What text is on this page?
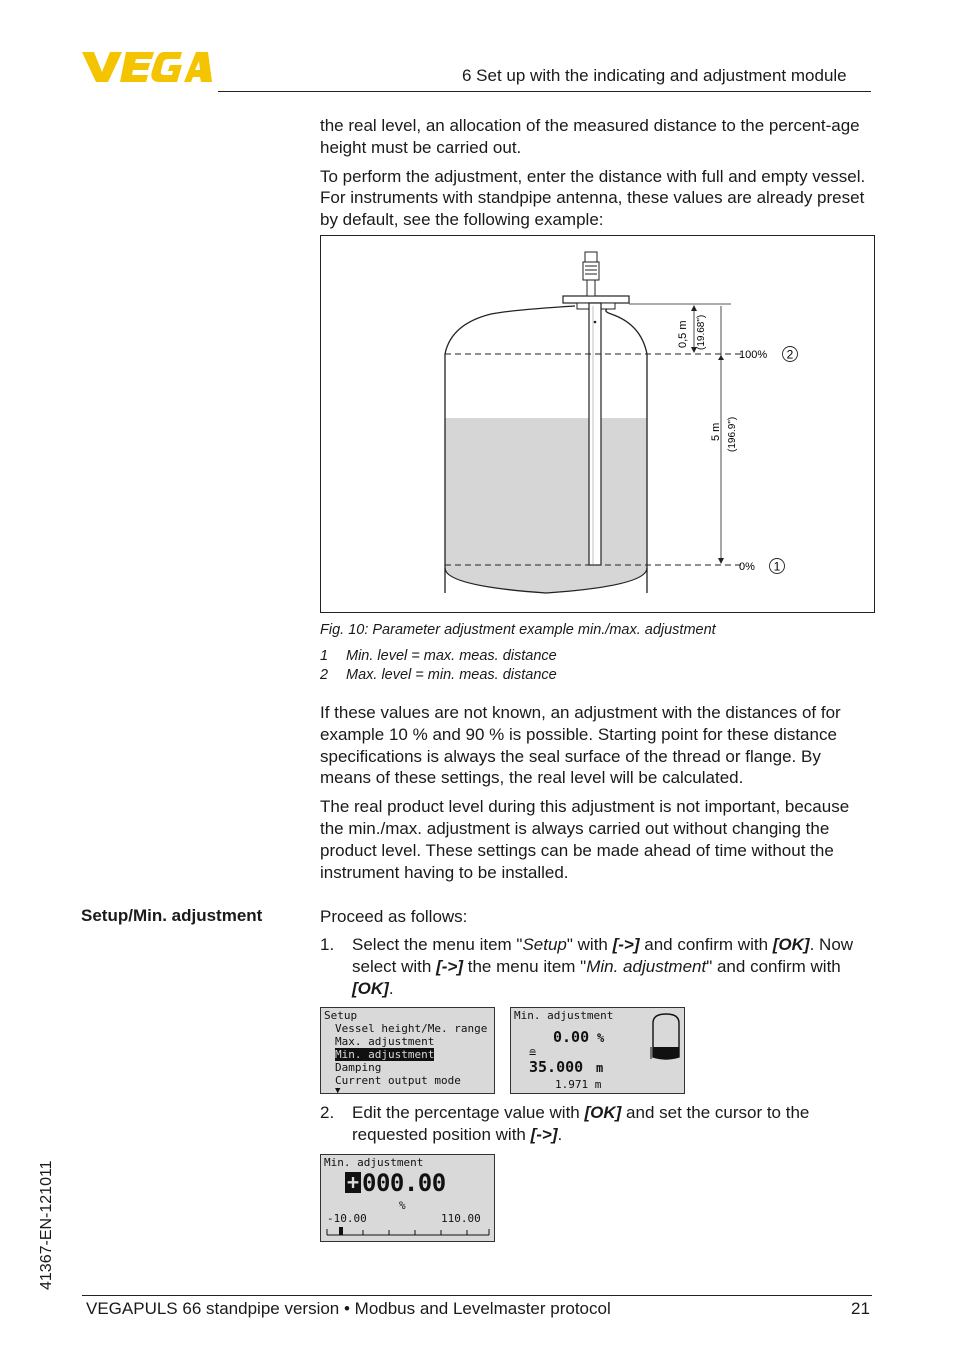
6 Set up with the indicating and adjustment module

the real level, an allocation of the measured distance to the percent-age height must be carried out.

To perform the adjustment, enter the distance with full and empty vessel. For instruments with standpipe antenna, these values are already preset by default, see the following example:

0,5 m (19.68")
5 m (196.9")
100% 2
0% 1
Fig. 10: Parameter adjustment example min./max. adjustment
1 Min. level = max. meas. distance
2 Max. level = min. meas. distance

If these values are not known, an adjustment with the distances of for example 10 % and 90 % is possible. Starting point for these distance specifications is always the seal surface of the thread or flange. By means of these settings, the real level will be calculated.

The real product level during this adjustment is not important, because the min./max. adjustment is always carried out without changing the product level. These settings can be made ahead of time without the instrument having to be installed.

Setup/Min. adjustment	Proceed as follows:
1. Select the menu item "Setup" with [->] and confirm with [OK]. Now select with [->] the menu item "Min. adjustment" and confirm with [OK].
Setup
Vessel height/Me. range
Max. adjustment
Min. adjustment
Damping
Current output mode
▼
Min. adjustment
0.00 %
≘
35.000 m
1.971 m
2. Edit the percentage value with [OK] and set the cursor to the requested position with [->].
Min. adjustment
+ 000.00
%
-10.00	110.00
41367-EN-121011
VEGAPULS 66 standpipe version • Modbus and Levelmaster protocol	21
